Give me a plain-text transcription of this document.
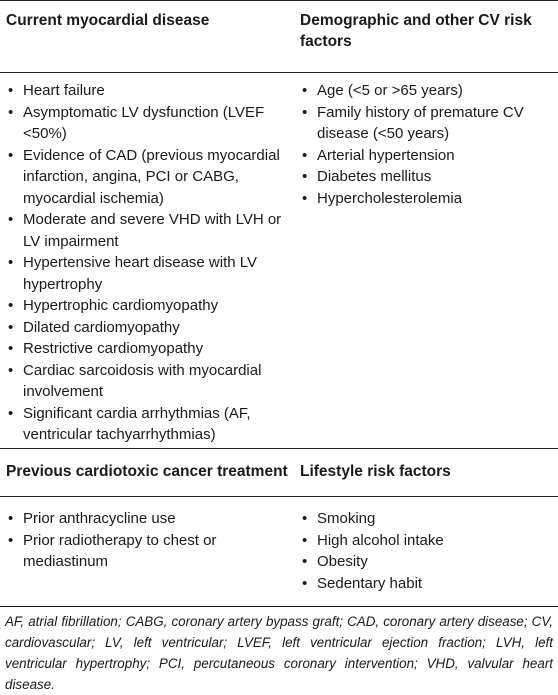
Current myocardial disease	Demographic and other CV risk factors
• Heart failure
• Asymptomatic LV dysfunction (LVEF <50%)
• Evidence of CAD (previous myocardial infarction, angina, PCI or CABG, myocardial ischemia)
• Moderate and severe VHD with LVH or LV impairment
• Hypertensive heart disease with LV hypertrophy
• Hypertrophic cardiomyopathy
• Dilated cardiomyopathy
• Restrictive cardiomyopathy
• Cardiac sarcoidosis with myocardial involvement
• Significant cardia arrhythmias (AF, ventricular tachyarrhythmias)
• Age (<5 or >65 years)
• Family history of premature CV disease (<50 years)
• Arterial hypertension
• Diabetes mellitus
• Hypercholesterolemia
Previous cardiotoxic cancer treatment Lifestyle risk factors
• Prior anthracycline use
• Prior radiotherapy to chest or mediastinum
• Smoking
• High alcohol intake
• Obesity
• Sedentary habit
AF, atrial fibrillation; CABG, coronary artery bypass graft; CAD, coronary artery disease; CV, cardiovascular; LV, left ventricular; LVEF, left ventricular ejection fraction; LVH, left ventricular hypertrophy; PCI, percutaneous coronary intervention; VHD, valvular heart disease.
